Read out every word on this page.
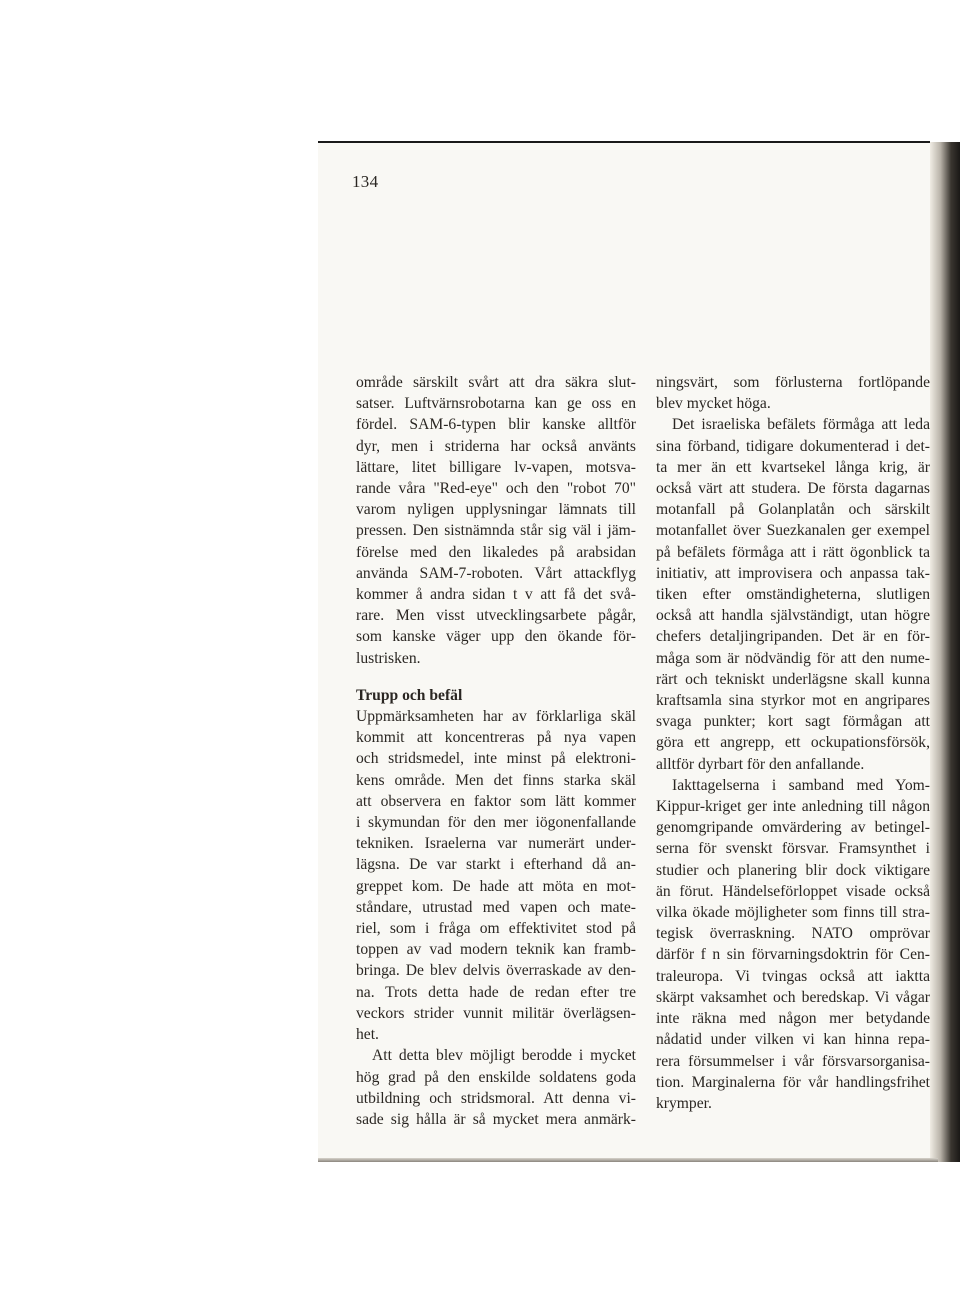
134
område särskilt svårt att dra säkra slut-
satser. Luftvärnsrobotarna kan ge oss en
fördel. SAM-6-typen blir kanske alltför
dyr, men i striderna har också använts
lättare, litet billigare lv-vapen, motsva-
rande våra "Red-eye" och den "robot 70"
varom nyligen upplysningar lämnats till
pressen. Den sistnämnda står sig väl i jäm-
förelse med den likaledes på arabsidan
använda SAM-7-roboten. Vårt attackflyg
kommer å andra sidan t v att få det svå-
rare. Men visst utvecklingsarbete pågår,
som kanske väger upp den ökande för-
lustrisken.
Trupp och befäl
Uppmärksamheten har av förklarliga skäl
kommit att koncentreras på nya vapen
och stridsmedel, inte minst på elektroni-
kens område. Men det finns starka skäl
att observera en faktor som lätt kommer
i skymundan för den mer iögonenfallande
tekniken. Israelerna var numerärt under-
lägsna. De var starkt i efterhand då an-
greppet kom. De hade att möta en mot-
ståndare, utrustad med vapen och mate-
riel, som i fråga om effektivitet stod på
toppen av vad modern teknik kan framb-
bringa. De blev delvis överraskade av den-
na. Trots detta hade de redan efter tre
veckors strider vunnit militär överlägsen-
het.
Att detta blev möjligt berodde i mycket
hög grad på den enskilde soldatens goda
utbildning och stridsmoral. Att denna vi-
sade sig hålla är så mycket mera anmärk-
ningsvärt, som förlusterna fortlöpande
blev mycket höga.
Det israeliska befälets förmåga att leda
sina förband, tidigare dokumenterad i det-
ta mer än ett kvartsekel långa krig, är
också värt att studera. De första dagarnas
motanfall på Golanplatån och särskilt
motanfallet över Suezkanalen ger exempel
på befälets förmåga att i rätt ögonblick ta
initiativ, att improvisera och anpassa tak-
tiken efter omständigheterna, slutligen
också att handla självständigt, utan högre
chefers detaljingripanden. Det är en för-
måga som är nödvändig för att den nume-
rärt och tekniskt underlägsne skall kunna
kraftsamla sina styrkor mot en angripares
svaga punkter; kort sagt förmågan att
göra ett angrepp, ett ockupationsförsök,
alltför dyrbart för den anfallande.
Iakttagelserna i samband med Yom-
Kippur-kriget ger inte anledning till någon
genomgripande omvärdering av betingel-
serna för svenskt försvar. Framsynthet i
studier och planering blir dock viktigare
än förut. Händelseförloppet visade också
vilka ökade möjligheter som finns till stra-
tegisk överraskning. NATO omprövar
därför f n sin förvarningsdoktrin för Cen-
traleuropa. Vi tvingas också att iaktta
skärpt vaksamhet och beredskap. Vi vågar
inte räkna med någon mer betydande
nådatid under vilken vi kan hinna repa-
rera försummelser i vår försvarsorganisa-
tion. Marginalerna för vår handlingsfrihet
krymper.
